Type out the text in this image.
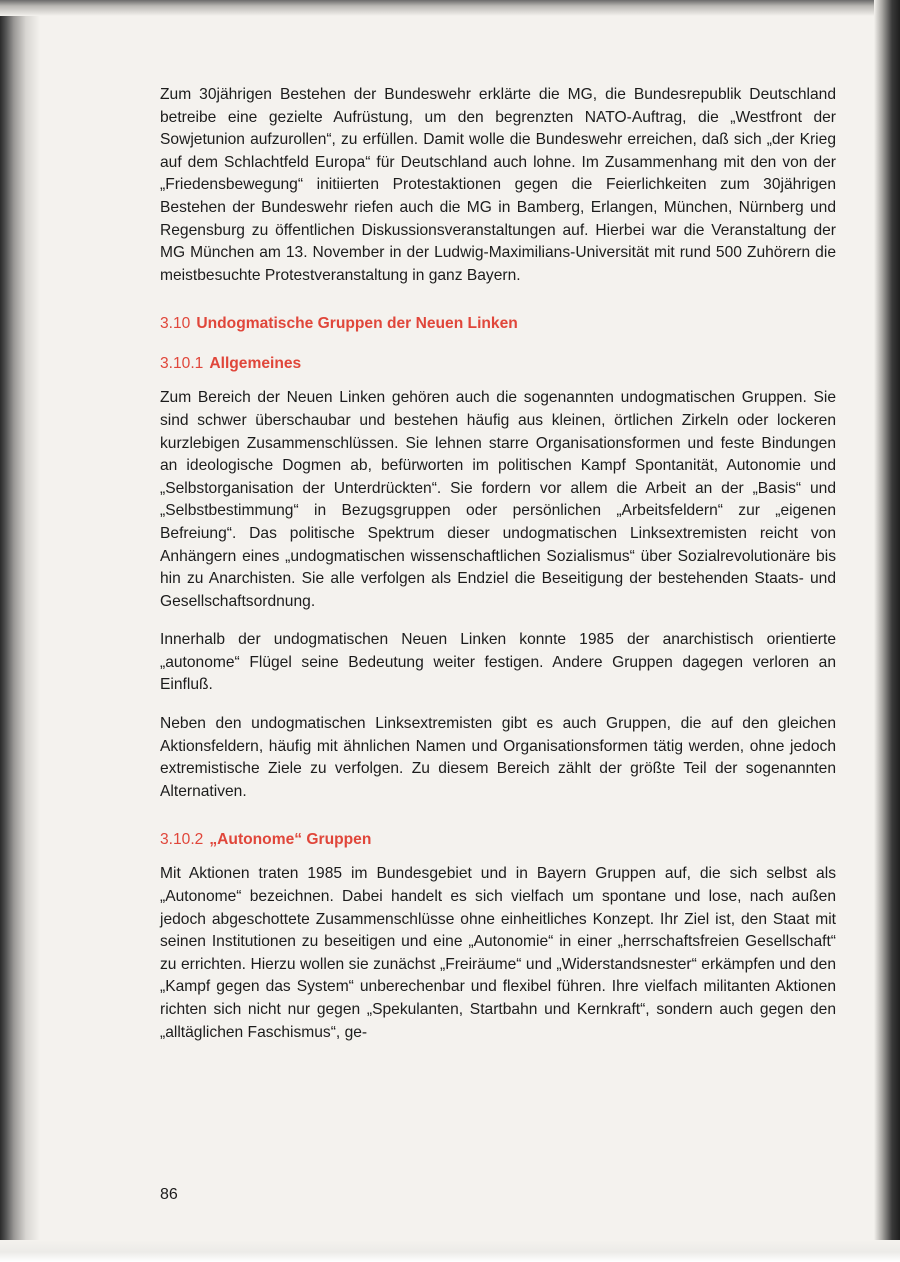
Zum 30jährigen Bestehen der Bundeswehr erklärte die MG, die Bundesrepublik Deutschland betreibe eine gezielte Aufrüstung, um den begrenzten NATO-Auftrag, die „Westfront der Sowjetunion aufzurollen“, zu erfüllen. Damit wolle die Bundeswehr erreichen, daß sich „der Krieg auf dem Schlachtfeld Europa“ für Deutschland auch lohne. Im Zusammenhang mit den von der „Friedensbewegung“ initiierten Protestaktionen gegen die Feierlichkeiten zum 30jährigen Bestehen der Bundeswehr riefen auch die MG in Bamberg, Erlangen, München, Nürnberg und Regensburg zu öffentlichen Diskussionsveranstaltungen auf. Hierbei war die Veranstaltung der MG München am 13. November in der Ludwig-Maximilians-Universität mit rund 500 Zuhörern die meistbesuchte Protestveranstaltung in ganz Bayern.

3.10 Undogmatische Gruppen der Neuen Linken
3.10.1 Allgemeines

Zum Bereich der Neuen Linken gehören auch die sogenannten undogmatischen Gruppen. Sie sind schwer überschaubar und bestehen häufig aus kleinen, örtlichen Zirkeln oder lockeren kurzlebigen Zusammenschlüssen. Sie lehnen starre Organisationsformen und feste Bindungen an ideologische Dogmen ab, befürworten im politischen Kampf Spontanität, Autonomie und „Selbstorganisation der Unterdrückten“. Sie fordern vor allem die Arbeit an der „Basis“ und „Selbstbestimmung“ in Bezugsgruppen oder persönlichen „Arbeitsfeldern“ zur „eigenen Befreiung“. Das politische Spektrum dieser undogmatischen Linksextremisten reicht von Anhängern eines „undogmatischen wissenschaftlichen Sozialismus“ über Sozialrevolutionäre bis hin zu Anarchisten. Sie alle verfolgen als Endziel die Beseitigung der bestehenden Staats- und Gesellschaftsordnung.

Innerhalb der undogmatischen Neuen Linken konnte 1985 der anarchistisch orientierte „autonome“ Flügel seine Bedeutung weiter festigen. Andere Gruppen dagegen verloren an Einfluß.

Neben den undogmatischen Linksextremisten gibt es auch Gruppen, die auf den gleichen Aktionsfeldern, häufig mit ähnlichen Namen und Organisationsformen tätig werden, ohne jedoch extremistische Ziele zu verfolgen. Zu diesem Bereich zählt der größte Teil der sogenannten Alternativen.

3.10.2 „Autonome“ Gruppen

Mit Aktionen traten 1985 im Bundesgebiet und in Bayern Gruppen auf, die sich selbst als „Autonome“ bezeichnen. Dabei handelt es sich vielfach um spontane und lose, nach außen jedoch abgeschottete Zusammenschlüsse ohne einheitliches Konzept. Ihr Ziel ist, den Staat mit seinen Institutionen zu beseitigen und eine „Autonomie“ in einer „herrschaftsfreien Gesellschaft“ zu errichten. Hierzu wollen sie zunächst „Freiräume“ und „Widerstandsnester“ erkämpfen und den „Kampf gegen das System“ unberechenbar und flexibel führen. Ihre vielfach militanten Aktionen richten sich nicht nur gegen „Spekulanten, Startbahn und Kernkraft“, sondern auch gegen den „alltäglichen Faschismus“, ge-

86
